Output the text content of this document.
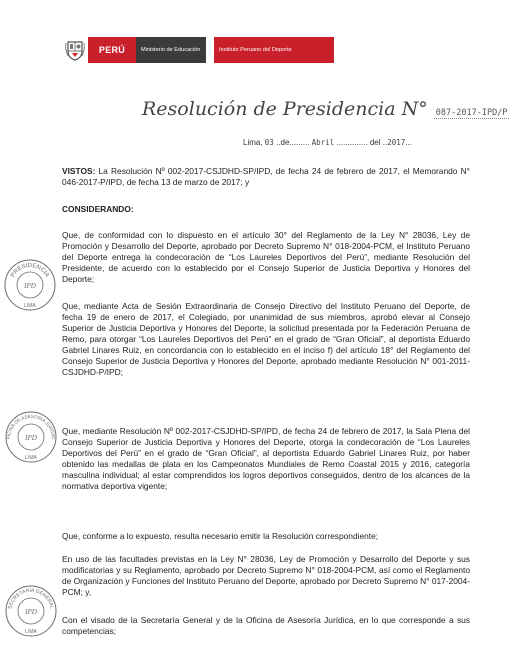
PERÚ	Ministerio de Educación	Instituto Peruano del Deporte
Resolución de Presidencia N° 087-2017-IPD/P
Lima, 03 ..de......... Abril .............. del ..2017...

VISTOS: La Resolución Nº 002-2017-CSJDHD-SP/IPD, de fecha 24 de febrero de 2017, el Memorando N° 046-2017-P/IPD, de fecha 13 de marzo de 2017; y

CONSIDERANDO:
Que, de conformidad con lo dispuesto en el artículo 30° del Reglamento de la Ley N° 28036, Ley de Promoción y Desarrollo del Deporte, aprobado por Decreto Supremo N° 018-2004-PCM, el Instituto Peruano del Deporte entrega la condecoración de “Los Laureles Deportivos del Perú”, mediante Resolución del Presidente, de acuerdo con lo establecido por el Consejo Superior de Justicia Deportiva y Honores del Deporte;
Que, mediante Acta de Sesión Extraordinaria de Consejo Directivo del Instituto Peruano del Deporte, de fecha 19 de enero de 2017, el Colegiado, por unanimidad de sus miembros, aprobó elevar al Consejo Superior de Justicia Deportiva y Honores del Deporte, la solicitud presentada por la Federación Peruana de Remo, para otorgar “Los Laureles Deportivos del Perú” en el grado de “Gran Oficial”, al deportista Eduardo Gabriel Linares Ruiz, en concordancia con lo establecido en el inciso f) del artículo 18° del Reglamento del Consejo Superior de Justicia Deportiva y Honores del Deporte, aprobado mediante Resolución N° 001-2011-CSJDHD-P/IPD;
Que, mediante Resolución Nº 002-2017-CSJDHD-SP/IPD, de fecha 24 de febrero de 2017, la Sala Plena del Consejo Superior de Justicia Deportiva y Honores del Deporte, otorga la condecoración de “Los Laureles Deportivos del Perú” en el grado de “Gran Oficial”, al deportista Eduardo Gabriel Linares Ruiz, por haber obtenido las medallas de plata en los Campeonatos Mundiales de Remo Coastal 2015 y 2016, categoría masculina individual; al estar comprendidos los logros deportivos conseguidos, dentro de los alcances de la normativa deportiva vigente;
Que, conforme a lo expuesto, resulta necesario emitir la Resolución correspondiente;
En uso de las facultades previstas en la Ley N° 28036, Ley de Promoción y Desarrollo del Deporte y sus modificatorias y su Reglamento, aprobado por Decreto Supremo N° 018-2004-PCM, así como el Reglamento de Organización y Funciones del Instituto Peruano del Deporte, aprobado por Decreto Supremo N° 017-2004-PCM; y,
Con el visado de la Secretaría General y de la Oficina de Asesoría Jurídica, en lo que corresponde a sus competencias;
PRESIDENCIA
IPD
LIMA
FICINA DE ASESORÍA JURÍDIC
IPD
LIMA
SECRETARÍA GENERAL
IPD
LIMA
